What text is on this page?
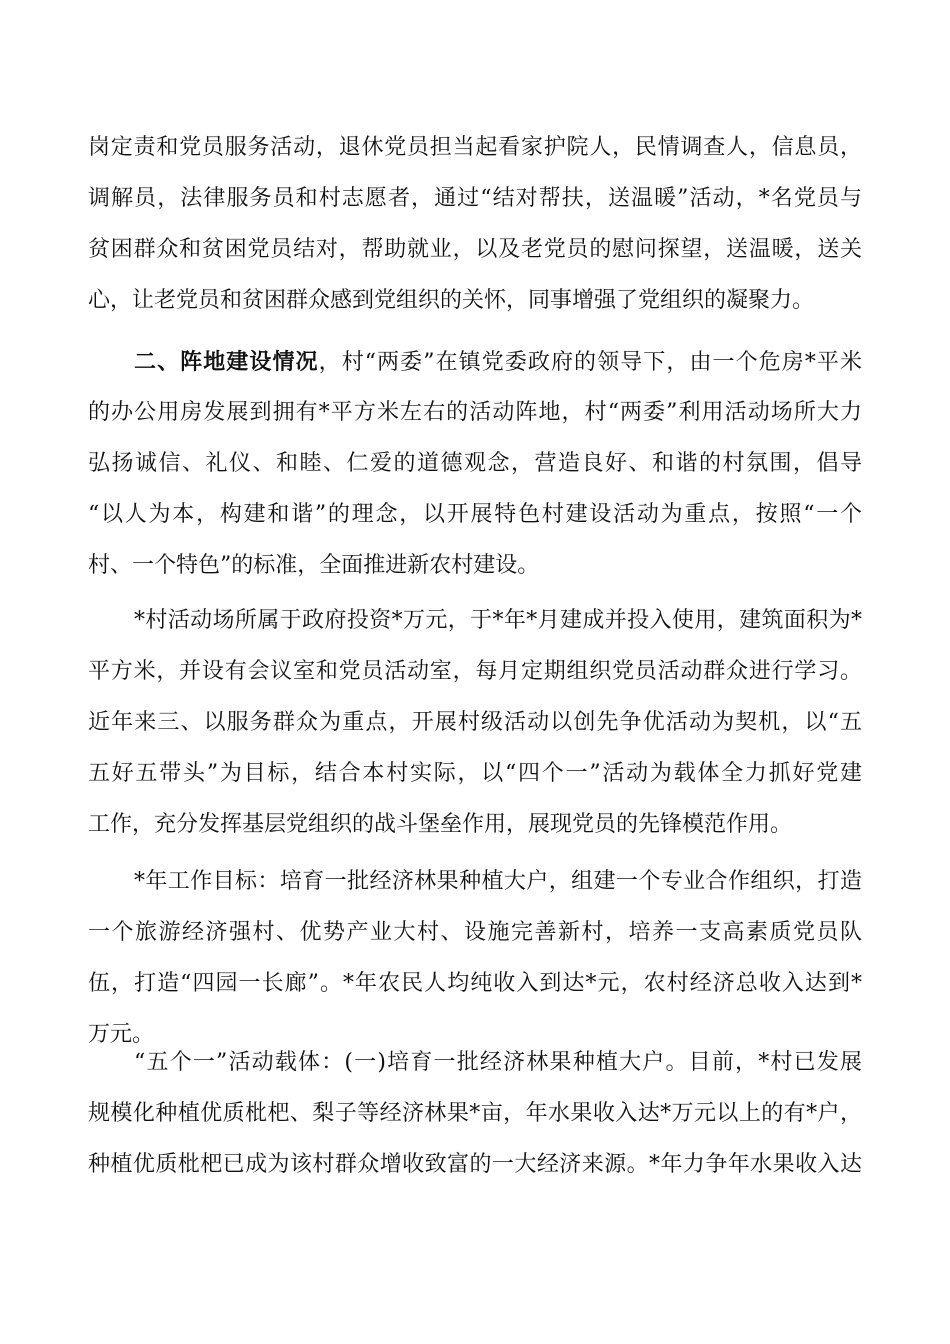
岗定责和党员服务活动，退休党员担当起看家护院人，民情调查人，信息员，
调解员，法律服务员和村志愿者，通过“结对帮扶，送温暖”活动，*名党员与
贫困群众和贫困党员结对，帮助就业，以及老党员的慰问探望，送温暖，送关
心，让老党员和贫困群众感到党组织的关怀，同事增强了党组织的凝聚力。
二、阵地建设情况，村“两委”在镇党委政府的领导下，由一个危房*平米
的办公用房发展到拥有*平方米左右的活动阵地，村“两委”利用活动场所大力
弘扬诚信、礼仪、和睦、仁爱的道德观念，营造良好、和谐的村氛围，倡导
“以人为本，构建和谐”的理念，以开展特色村建设活动为重点，按照“一个
村、一个特色”的标准，全面推进新农村建设。
*村活动场所属于政府投资*万元，于*年*月建成并投入使用，建筑面积为*
平方米，并设有会议室和党员活动室，每月定期组织党员活动群众进行学习。
近年来三、以服务群众为重点，开展村级活动以创先争优活动为契机，以“五
五好五带头”为目标，结合本村实际，以“四个一”活动为载体全力抓好党建
工作，充分发挥基层党组织的战斗堡垒作用，展现党员的先锋模范作用。
*年工作目标：培育一批经济林果种植大户，组建一个专业合作组织，打造
一个旅游经济强村、优势产业大村、设施完善新村，培养一支高素质党员队
伍，打造“四园一长廊”。*年农民人均纯收入到达*元，农村经济总收入达到*
万元。
“五个一”活动载体：(一)培育一批经济林果种植大户。目前，*村已发展
规模化种植优质枇杷、梨子等经济林果*亩，年水果收入达*万元以上的有*户，
种植优质枇杷已成为该村群众增收致富的一大经济来源。*年力争年水果收入达
